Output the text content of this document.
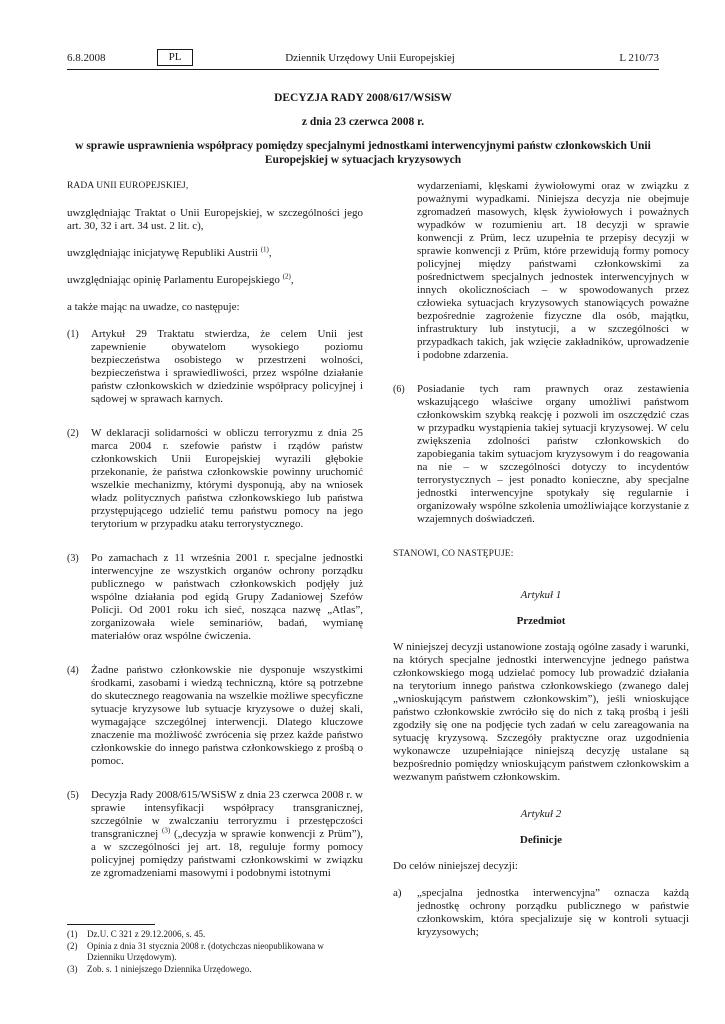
6.8.2008	PL	Dziennik Urzędowy Unii Europejskiej	L 210/73
DECYZJA RADY 2008/617/WSiSW
z dnia 23 czerwca 2008 r.
w sprawie usprawnienia współpracy pomiędzy specjalnymi jednostkami interwencyjnymi państw członkowskich Unii Europejskiej w sytuacjach kryzysowych

RADA UNII EUROPEJSKIEJ,

uwzględniając Traktat o Unii Europejskiej, w szczególności jego art. 30, 32 i art. 34 ust. 2 lit. c),

uwzględniając inicjatywę Republiki Austrii $^{(1)}$,

uwzględniając opinię Parlamentu Europejskiego $^{(2)}$,

a także mając na uwadze, co następuje:

(1) Artykuł 29 Traktatu stwierdza, że celem Unii jest zapewnienie obywatelom wysokiego poziomu bezpieczeństwa osobistego w przestrzeni wolności, bezpieczeństwa i sprawiedliwości, przez wspólne działanie państw członkowskich w dziedzinie współpracy policyjnej i sądowej w sprawach karnych.

(2) W deklaracji solidarności w obliczu terroryzmu z dnia 25 marca 2004 r. szefowie państw i rządów państw członkowskich Unii Europejskiej wyrazili głębokie przekonanie, że państwa członkowskie powinny uruchomić wszelkie mechanizmy, którymi dysponują, aby na wniosek władz politycznych państwa członkowskiego lub państwa przystępującego udzielić temu państwu pomocy na jego terytorium w przypadku ataku terrorystycznego.

(3) Po zamachach z 11 września 2001 r. specjalne jednostki interwencyjne ze wszystkich organów ochrony porządku publicznego w państwach członkowskich podjęły już wspólne działania pod egidą Grupy Zadaniowej Szefów Policji. Od 2001 roku ich sieć, nosząca nazwę „Atlas”, zorganizowała wiele seminariów, badań, wymianę materiałów oraz wspólne ćwiczenia.

(4) Żadne państwo członkowskie nie dysponuje wszystkimi środkami, zasobami i wiedzą techniczną, które są potrzebne do skutecznego reagowania na wszelkie możliwe specyficzne sytuacje kryzysowe lub sytuacje kryzysowe o dużej skali, wymagające szczególnej interwencji. Dlatego kluczowe znaczenie ma możliwość zwrócenia się przez każde państwo członkowskie do innego państwa członkowskiego z prośbą o pomoc.

(5) Decyzja Rady 2008/615/WSiSW z dnia 23 czerwca 2008 r. w sprawie intensyfikacji współpracy transgranicznej, szczególnie w zwalczaniu terroryzmu i przestępczości transgranicznej $^{(3)}$ („decyzja w sprawie konwencji z Prüm”), a w szczególności jej art. 18, reguluje formy pomocy policyjnej pomiędzy państwami członkowskimi w związku ze zgromadzeniami masowymi i podobnymi istotnymi

(1) Dz.U. C 321 z 29.12.2006, s. 45.

(2) Opinia z dnia 31 stycznia 2008 r. (dotychczas nieopublikowana w Dzienniku Urzędowym).

(3) Zob. s. 1 niniejszego Dziennika Urzędowego.

wydarzeniami, klęskami żywiołowymi oraz w związku z poważnymi wypadkami. Niniejsza decyzja nie obejmuje zgromadzeń masowych, klęsk żywiołowych i poważnych wypadków w rozumieniu art. 18 decyzji w sprawie konwencji z Prüm, lecz uzupełnia te przepisy decyzji w sprawie konwencji z Prüm, które przewidują formy pomocy policyjnej między państwami członkowskimi za pośrednictwem specjalnych jednostek interwencyjnych w innych okolicznościach – w spowodowanych przez człowieka sytuacjach kryzysowych stanowiących poważne bezpośrednie zagrożenie fizyczne dla osób, majątku, infrastruktury lub instytucji, a w szczególności w przypadkach takich, jak wzięcie zakładników, uprowadzenie i podobne zdarzenia.

(6) Posiadanie tych ram prawnych oraz zestawienia wskazującego właściwe organy umożliwi państwom członkowskim szybką reakcję i pozwoli im oszczędzić czas w przypadku wystąpienia takiej sytuacji kryzysowej. W celu zwiększenia zdolności państw członkowskich do zapobiegania takim sytuacjom kryzysowym i do reagowania na nie – w szczególności dotyczy to incydentów terrorystycznych – jest ponadto konieczne, aby specjalne jednostki interwencyjne spotykały się regularnie i organizowały wspólne szkolenia umożliwiające korzystanie z wzajemnych doświadczeń.

STANOWI, CO NASTĘPUJE:

Artykuł 1

Przedmiot

W niniejszej decyzji ustanowione zostają ogólne zasady i warunki, na których specjalne jednostki interwencyjne jednego państwa członkowskiego mogą udzielać pomocy lub prowadzić działania na terytorium innego państwa członkowskiego (zwanego dalej „wnioskującym państwem członkowskim”), jeśli wnioskujące państwo członkowskie zwróciło się do nich z taką prośbą i jeśli zgodziły się one na podjęcie tych zadań w celu zareagowania na sytuację kryzysową. Szczegóły praktyczne oraz uzgodnienia wykonawcze uzupełniające niniejszą decyzję ustalane są bezpośrednio pomiędzy wnioskującym państwem członkowskim a wezwanym państwem członkowskim.

Artykuł 2

Definicje

Do celów niniejszej decyzji:

a) „specjalna jednostka interwencyjna” oznacza każdą jednostkę ochrony porządku publicznego w państwie członkowskim, która specjalizuje się w kontroli sytuacji kryzysowych;
